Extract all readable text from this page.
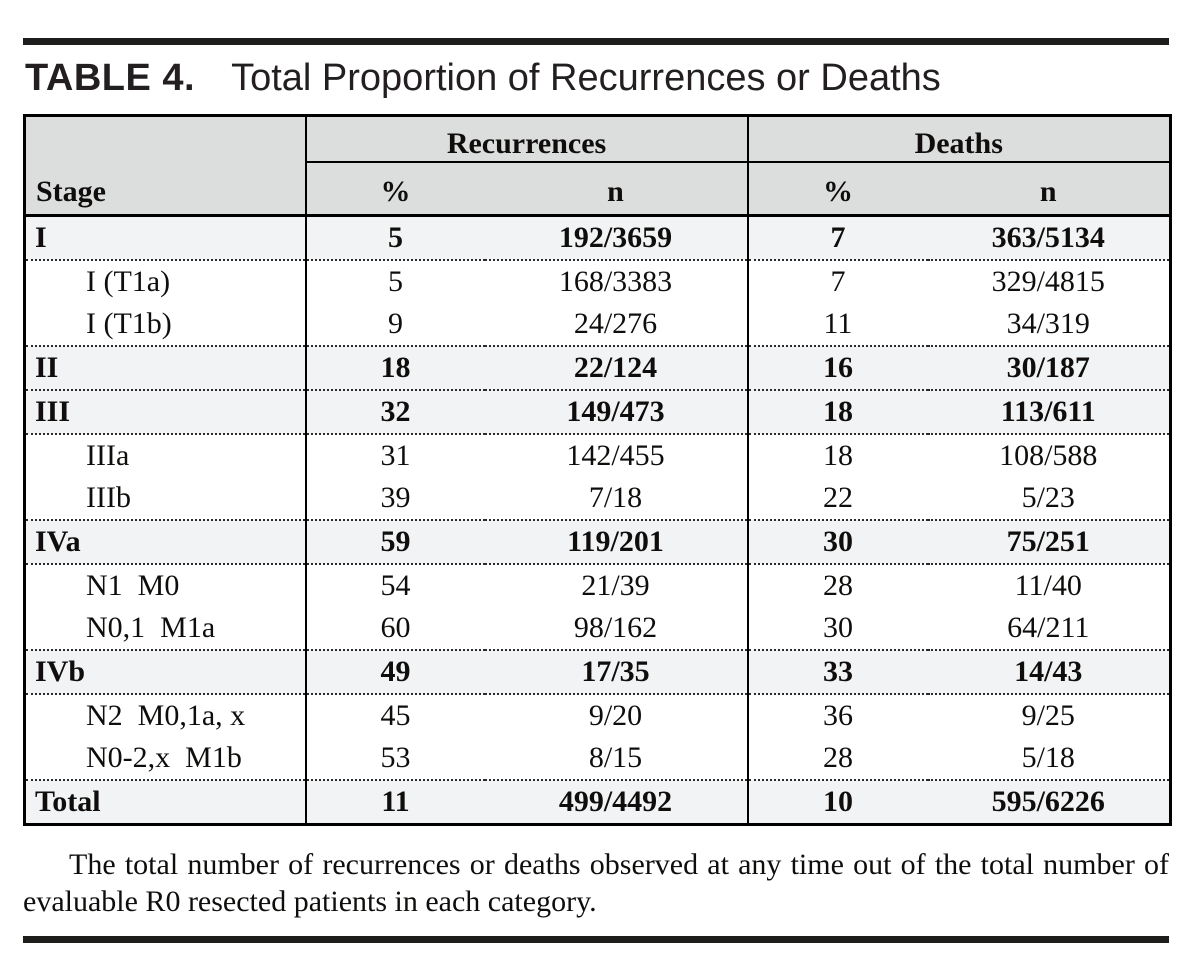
TABLE 4. Total Proportion of Recurrences or Deaths
Stage	Recurrences		Deaths	
	%	n	%	n
I	5	192/3659	7	363/5134
I (T1a)	5	168/3383	7	329/4815
I (T1b)	9	24/276	11	34/319
II	18	22/124	16	30/187
III	32	149/473	18	113/611
IIIa	31	142/455	18	108/588
IIIb	39	7/18	22	5/23
IVa	59	119/201	30	75/251
N1  M0	54	21/39	28	11/40
N0,1  M1a	60	98/162	30	64/211
IVb	49	17/35	33	14/43
N2  M0,1a, x	45	9/20	36	9/25
N0-2,x  M1b	53	8/15	28	5/18
Total	11	499/4492	10	595/6226
The total number of recurrences or deaths observed at any time out of the total number of evaluable R0 resected patients in each category.
